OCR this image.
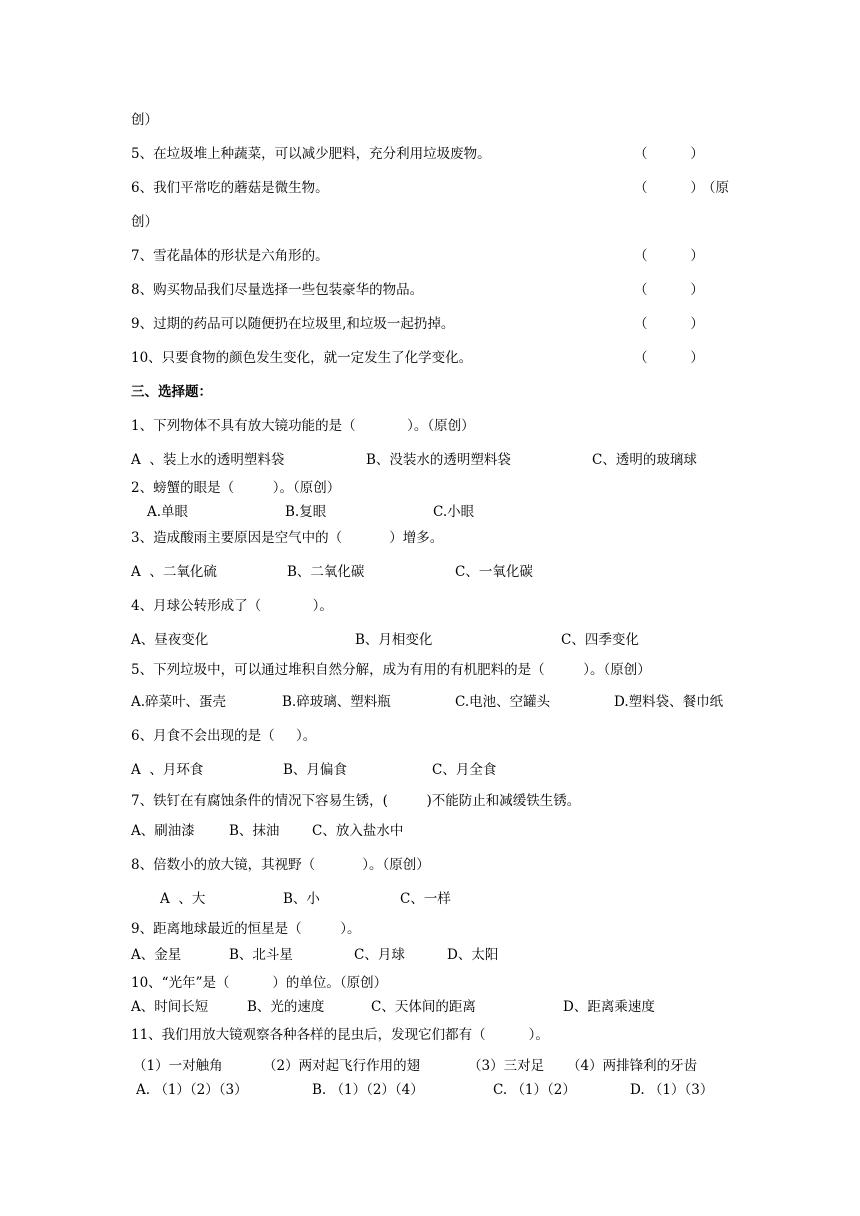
创）
5、在垃圾堆上种蔬菜，可以减少肥料，充分利用垃圾废物。	（          ）
6、我们平常吃的蘑菇是微生物。	（          ）
（原
创）
7、雪花晶体的形状是六角形的。	（          ）
8、购买物品我们尽量选择一些包装豪华的物品。	（          ）
9、过期的药品可以随便扔在垃圾里,和垃圾一起扔掉。	（          ）
10、只要食物的颜色发生变化，就一定发生了化学变化。	（          ）
三、选择题：
1、下列物体不具有放大镜功能的是（            ）。（原创）
A  、装上水的透明塑料袋	B、没装水的透明塑料袋	C、透明的玻璃球
2、螃蟹的眼是（         ）。（原创）
A.单眼	B.复眼	C.小眼
3、造成酸雨主要原因是空气中的（           ）增多。
A  、二氧化硫	B、二氧化碳	C、一氧化碳
4、月球公转形成了（            ）。
A、昼夜变化	B、月相变化	C、四季变化
5、下列垃圾中，可以通过堆积自然分解，成为有用的有机肥料的是（         ）。（原创）
A.碎菜叶、蛋壳	B.碎玻璃、塑料瓶	C.电池、空罐头	D.塑料袋、餐巾纸
6、月食不会出现的是（     ）。
A  、月环食	B、月偏食	C、月全食
7、铁钉在有腐蚀条件的情况下容易生锈，(         )不能防止和减缓铁生锈。
A、刷油漆	B、抹油 C、放入盐水中
8、倍数小的放大镜，其视野（           ）。（原创）
A  、大	B、小	C、一样
9、距离地球最近的恒星是（         ）。
A、金星	B、北斗星	C、月球	D、太阳
10、“光年”是（          ）的单位。（原创）
A、时间长短	B、光的速度	C、天体间的距离	D、距离乘速度
11、我们用放大镜观察各种各样的昆虫后，发现它们都有（          ）。
（1）一对触角	（2）两对起飞行作用的翅	（3）三对足 （4）两排锋利的牙齿
A. （1）（2）（3）	B. （1）（2）（4）	C. （1）（2）	D. （1）（3）
